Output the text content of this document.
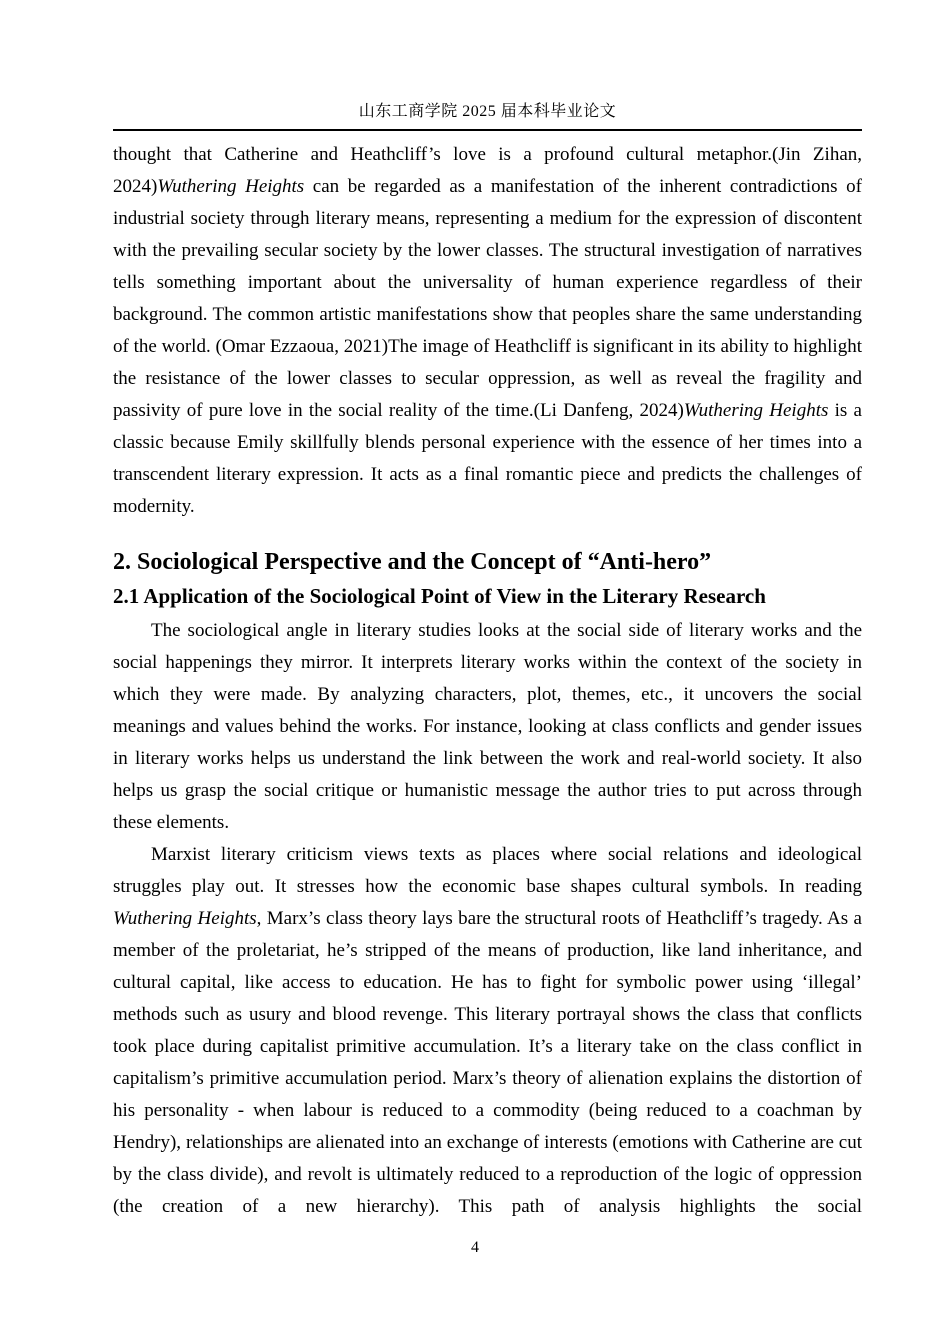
山东工商学院 2025 届本科毕业论文

thought that Catherine and Heathcliff’s love is a profound cultural metaphor.(Jin Zihan, 2024)Wuthering Heights can be regarded as a manifestation of the inherent contradictions of industrial society through literary means, representing a medium for the expression of discontent with the prevailing secular society by the lower classes. The structural investigation of narratives tells something important about the universality of human experience regardless of their background. The common artistic manifestations show that peoples share the same understanding of the world. (Omar Ezzaoua, 2021)The image of Heathcliff is significant in its ability to highlight the resistance of the lower classes to secular oppression, as well as reveal the fragility and passivity of pure love in the social reality of the time.(Li Danfeng, 2024)Wuthering Heights is a classic because Emily skillfully blends personal experience with the essence of her times into a transcendent literary expression. It acts as a final romantic piece and predicts the challenges of modernity.

2. Sociological Perspective and the Concept of “Anti-hero”
2.1 Application of the Sociological Point of View in the Literary Research

The sociological angle in literary studies looks at the social side of literary works and the social happenings they mirror. It interprets literary works within the context of the society in which they were made. By analyzing characters, plot, themes, etc., it uncovers the social meanings and values behind the works. For instance, looking at class conflicts and gender issues in literary works helps us understand the link between the work and real-world society. It also helps us grasp the social critique or humanistic message the author tries to put across through these elements.

Marxist literary criticism views texts as places where social relations and ideological struggles play out. It stresses how the economic base shapes cultural symbols. In reading Wuthering Heights, Marx’s class theory lays bare the structural roots of Heathcliff’s tragedy. As a member of the proletariat, he’s stripped of the means of production, like land inheritance, and cultural capital, like access to education. He has to fight for symbolic power using ‘illegal’ methods such as usury and blood revenge. This literary portrayal shows the class that conflicts took place during capitalist primitive accumulation. It’s a literary take on the class conflict in capitalism’s primitive accumulation period. Marx’s theory of alienation explains the distortion of his personality - when labour is reduced to a commodity (being reduced to a coachman by Hendry), relationships are alienated into an exchange of interests (emotions with Catherine are cut by the class divide), and revolt is ultimately reduced to a reproduction of the logic of oppression (the creation of a new hierarchy). This path of analysis highlights the social

4
